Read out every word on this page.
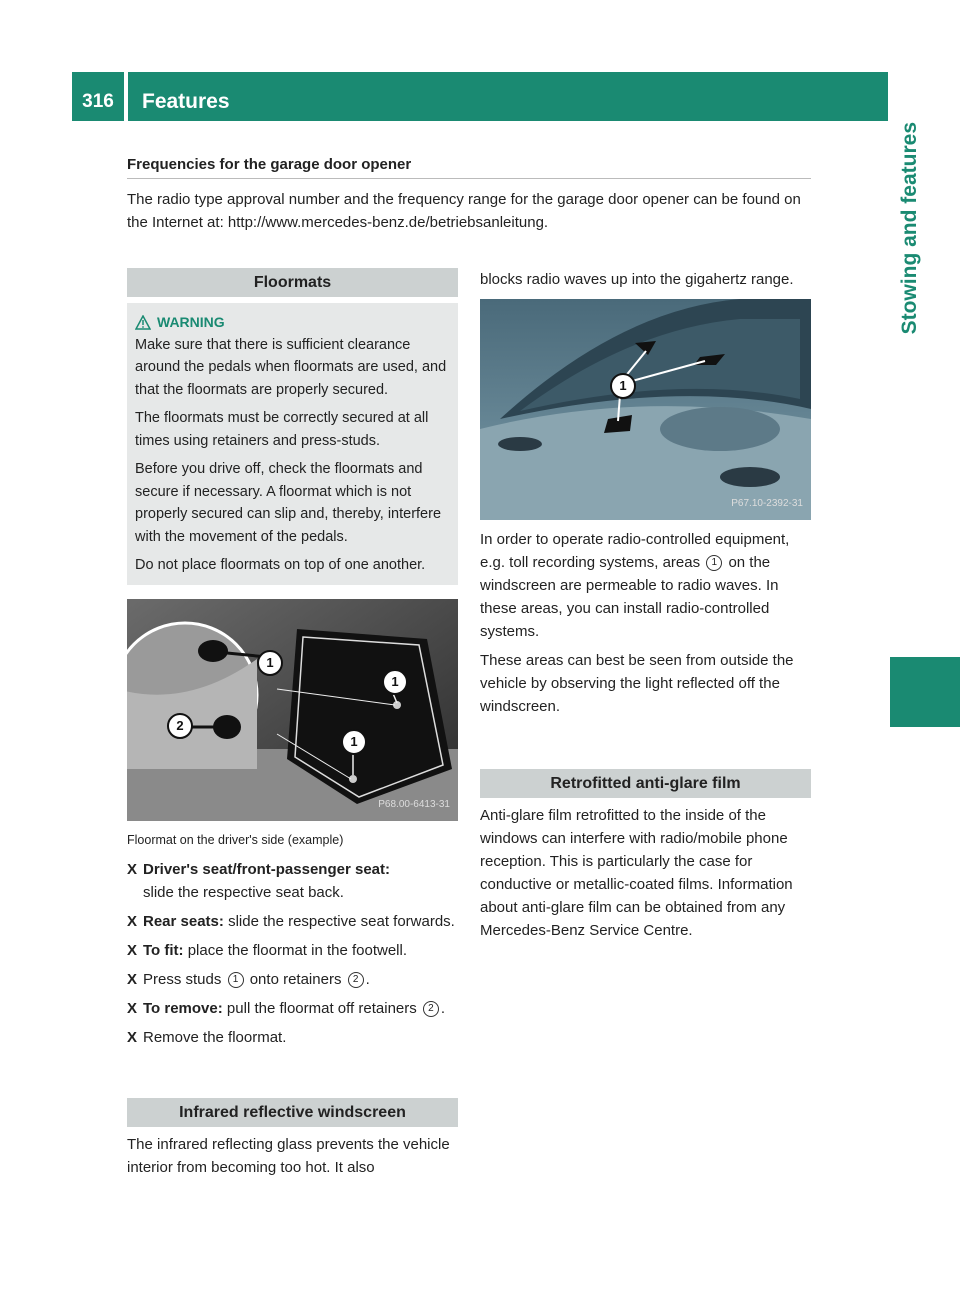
316	Features
Stowing and features
Frequencies for the garage door opener
The radio type approval number and the frequency range for the garage door opener can be found on the Internet at: http://www.mercedes-benz.de/betriebsanleitung.
Floormats
WARNING

Make sure that there is sufficient clearance around the pedals when floormats are used, and that the floormats are properly secured.

The floormats must be correctly secured at all times using retainers and press-studs.

Before you drive off, check the floormats and secure if necessary. A floormat which is not properly secured can slip and, thereby, interfere with the movement of the pedals.

Do not place floormats on top of one another.

1
1
1
2
P68.00-6413-31
Floormat on the driver's side (example)
X Driver's seat/front-passenger seat:
slide the respective seat back.
X Rear seats: slide the respective seat forwards.
X To fit: place the floormat in the footwell.
X Press studs 1 onto retainers 2 .
X To remove: pull the floormat off retainers 2 .
X Remove the floormat.
Infrared reflective windscreen

The infrared reflecting glass prevents the vehicle interior from becoming too hot. It also

blocks radio waves up into the gigahertz range.

1
P67.10-2392-31

In order to operate radio-controlled equipment, e.g. toll recording systems, areas 1 on the windscreen are permeable to radio waves. In these areas, you can install radio-controlled systems.

These areas can best be seen from outside the vehicle by observing the light reflected off the windscreen.

Retrofitted anti-glare film

Anti-glare film retrofitted to the inside of the windows can interfere with radio/mobile phone reception. This is particularly the case for conductive or metallic-coated films. Information about anti-glare film can be obtained from any Mercedes-Benz Service Centre.
